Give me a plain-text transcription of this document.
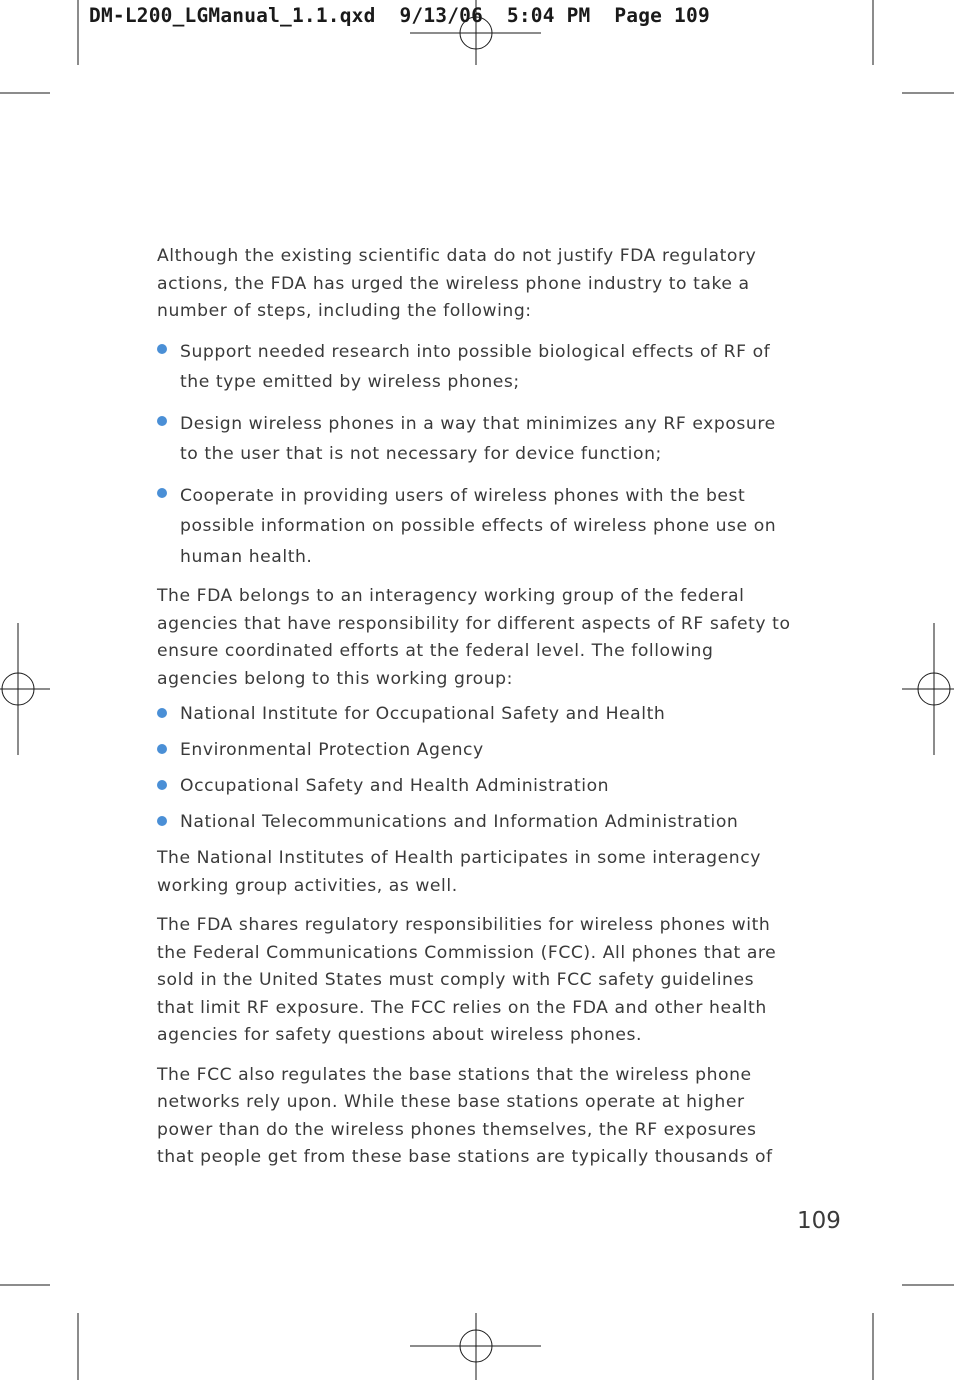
DM-L200_LGManual_1.1.qxd  9/13/06  5:04 PM  Page 109

Although the existing scientific data do not justify FDA regulatory actions, the FDA has urged the wireless phone industry to take a number of steps, including the following:

Support needed research into possible biological effects of RF of the type emitted by wireless phones;
Design wireless phones in a way that minimizes any RF exposure to the user that is not necessary for device function;
Cooperate in providing users of wireless phones with the best possible information on possible effects of wireless phone use on human health.

The FDA belongs to an interagency working group of the federal agencies that have responsibility for different aspects of RF safety to ensure coordinated efforts at the federal level. The following agencies belong to this working group:

National Institute for Occupational Safety and Health
Environmental Protection Agency
Occupational Safety and Health Administration
National Telecommunications and Information Administration

The National Institutes of Health participates in some interagency working group activities, as well.

The FDA shares regulatory responsibilities for wireless phones with the Federal Communications Commission (FCC). All phones that are sold in the United States must comply with FCC safety guidelines that limit RF exposure. The FCC relies on the FDA and other health agencies for safety questions about wireless phones.

The FCC also regulates the base stations that the wireless phone networks rely upon. While these base stations operate at higher power than do the wireless phones themselves, the RF exposures that people get from these base stations are typically thousands of

109
